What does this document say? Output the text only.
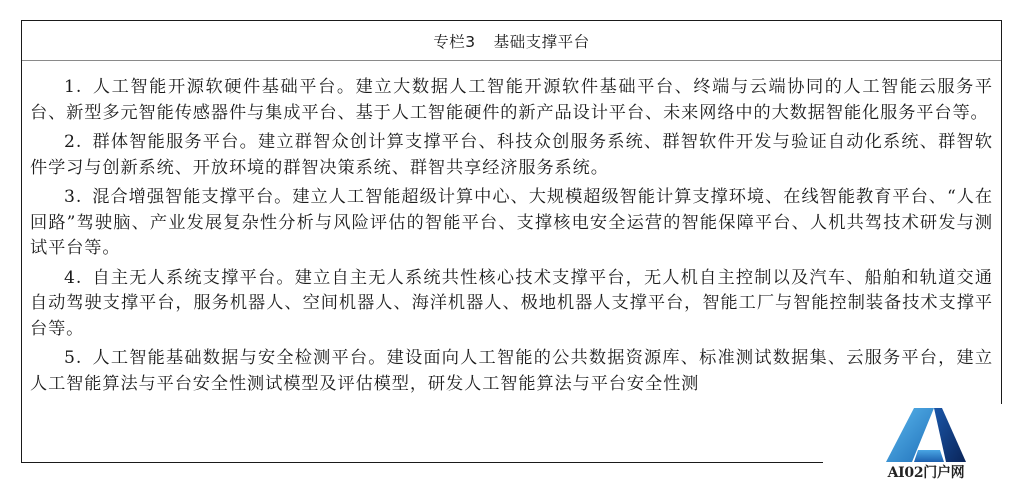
专栏3 基础支撑平台

1. 人工智能开源软硬件基础平台。建立大数据人工智能开源软件基础平台、终端与云端协同的人工智能云服务平台、新型多元智能传感器件与集成平台、基于人工智能硬件的新产品设计平台、未来网络中的大数据智能化服务平台等。

2. 群体智能服务平台。建立群智众创计算支撑平台、科技众创服务系统、群智软件开发与验证自动化系统、群智软件学习与创新系统、开放环境的群智决策系统、群智共享经济服务系统。

3. 混合增强智能支撑平台。建立人工智能超级计算中心、大规模超级智能计算支撑环境、在线智能教育平台、“人在回路”驾驶脑、产业发展复杂性分析与风险评估的智能平台、支撑核电安全运营的智能保障平台、人机共驾技术研发与测试平台等。

4. 自主无人系统支撑平台。建立自主无人系统共性核心技术支撑平台，无人机自主控制以及汽车、船舶和轨道交通自动驾驶支撑平台，服务机器人、空间机器人、海洋机器人、极地机器人支撑平台，智能工厂与智能控制装备技术支撑平台等。

5. 人工智能基础数据与安全检测平台。建设面向人工智能的公共数据资源库、标准测试数据集、云服务平台，建立人工智能算法与平台安全性测试模型及评估模型，研发人工智能算法与平台安全性测

AI02门户网
